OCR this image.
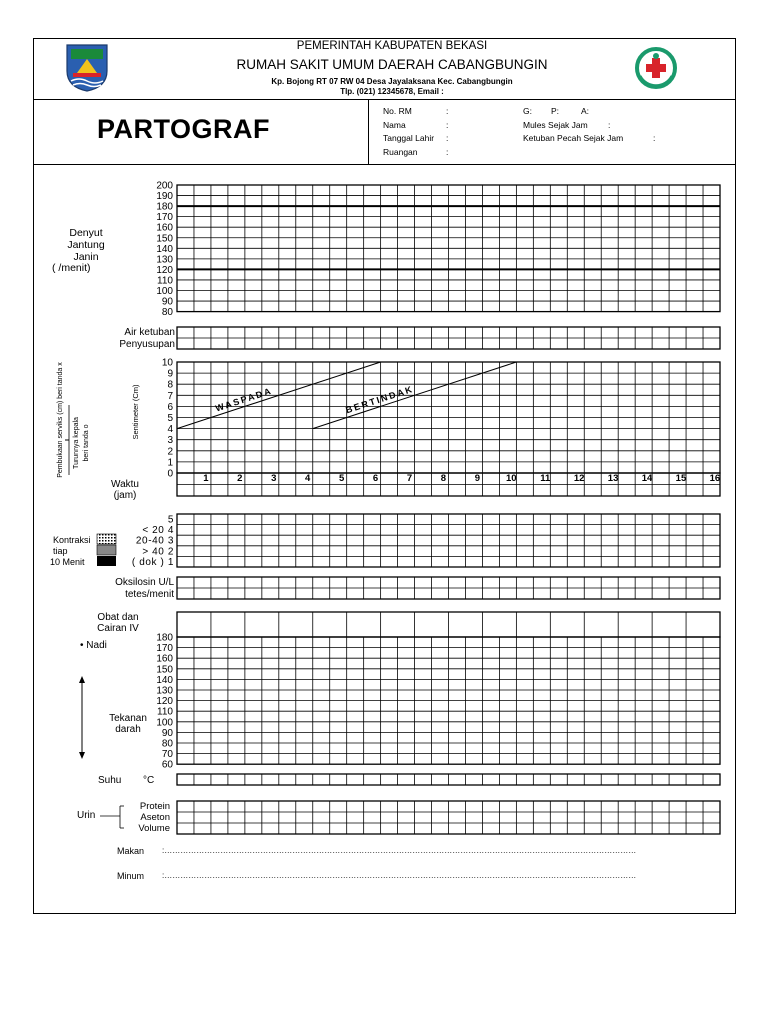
PEMERINTAH KABUPATEN BEKASI
RUMAH SAKIT UMUM DAERAH CABANGBUNGIN
Kp. Bojong RT 07 RW 04 Desa Jayalaksana Kec. Cabangbungin
Tlp. (021) 12345678, Email :
PARTOGRAF
No. RM	:
Nama	:
Tanggal Lahir :
Ruangan	:
G: P:	A:
Mules Sejak Jam :
Ketuban Pecah Sejak Jam	:
200
190
180
170
160
150
140
130
120
110
100
90
80
10
9
8
7
6
5
4
3
2
1
0	1	2	3	4	5	6	7	8	9	10 11 12 13 14 15 16
WASPADA	BERTINDAK
Pembukaan serviks (cm) beri tanda x Turunnya kepala beri tanda o
Sentimeter (Cm)
5
< 20 4
20-40 3
> 40 2
( dok ) 1
180
170
160
150
140
130
120
110
100
90
80
70
60
Denyut
Jantung
Janin
( /menit)
Air ketuban
Penyusupan
Waktu
(jam)
Kontraksi
tiap
10 Menit
Oksilosin U/L
tetes/menit
Obat dan
Cairan IV
• Nadi
Tekanan
darah
Suhu °C
Urin
Protein
Aseton
Volume
Makan :……………………………………………………………………………………………………………………………………………………………
Minum :……………………………………………………………………………………………………………………………………………………………
